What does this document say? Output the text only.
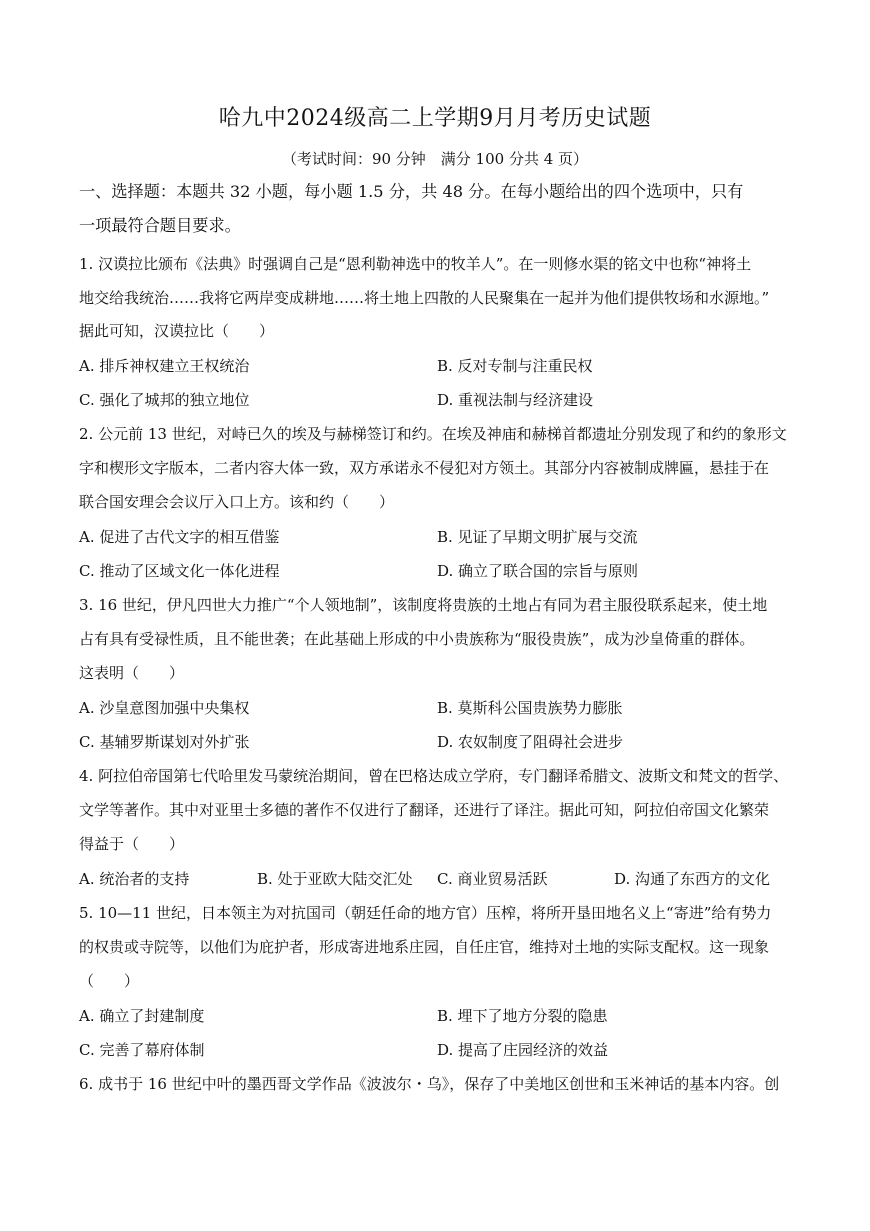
哈九中2024级高二上学期9月月考历史试题
（考试时间：90 分钟　满分 100 分共 4 页）
一、选择题：本题共 32 小题，每小题 1.5 分，共 48 分。在每小题给出的四个选项中，只有
一项最符合题目要求。
1. 汉谟拉比颁布《法典》时强调自己是“恩利勒神选中的牧羊人”。在一则修水渠的铭文中也称“神将土
地交给我统治……我将它两岸变成耕地……将土地上四散的人民聚集在一起并为他们提供牧场和水源地。”
据此可知，汉谟拉比（　　）
A. 排斥神权建立王权统治	B. 反对专制与注重民权
C. 强化了城邦的独立地位	D. 重视法制与经济建设
2. 公元前 13 世纪，对峙已久的埃及与赫梯签订和约。在埃及神庙和赫梯首都遗址分别发现了和约的象形文
字和楔形文字版本，二者内容大体一致，双方承诺永不侵犯对方领土。其部分内容被制成牌匾，悬挂于在
联合国安理会会议厅入口上方。该和约（　　）
A. 促进了古代文字的相互借鉴	B. 见证了早期文明扩展与交流
C. 推动了区域文化一体化进程	D. 确立了联合国的宗旨与原则
3. 16 世纪，伊凡四世大力推广“个人领地制”，该制度将贵族的土地占有同为君主服役联系起来，使土地
占有具有受禄性质，且不能世袭；在此基础上形成的中小贵族称为“服役贵族”，成为沙皇倚重的群体。
这表明（　　）
A. 沙皇意图加强中央集权	B. 莫斯科公国贵族势力膨胀
C. 基辅罗斯谋划对外扩张	D. 农奴制度了阻碍社会进步
4. 阿拉伯帝国第七代哈里发马蒙统治期间，曾在巴格达成立学府，专门翻译希腊文、波斯文和梵文的哲学、
文学等著作。其中对亚里士多德的著作不仅进行了翻译，还进行了译注。据此可知，阿拉伯帝国文化繁荣
得益于（　　）
A. 统治者的支持	B. 处于亚欧大陆交汇处 C. 商业贸易活跃	D. 沟通了东西方的文化
5. 10—11 世纪，日本领主为对抗国司（朝廷任命的地方官）压榨，将所开垦田地名义上“寄进”给有势力
的权贵或寺院等，以他们为庇护者，形成寄进地系庄园，自任庄官，维持对土地的实际支配权。这一现象
（　　）
A. 确立了封建制度	B. 埋下了地方分裂的隐患
C. 完善了幕府体制	D. 提高了庄园经济的效益
6. 成书于 16 世纪中叶的墨西哥文学作品《波波尔・乌》，保存了中美地区创世和玉米神话的基本内容。创
